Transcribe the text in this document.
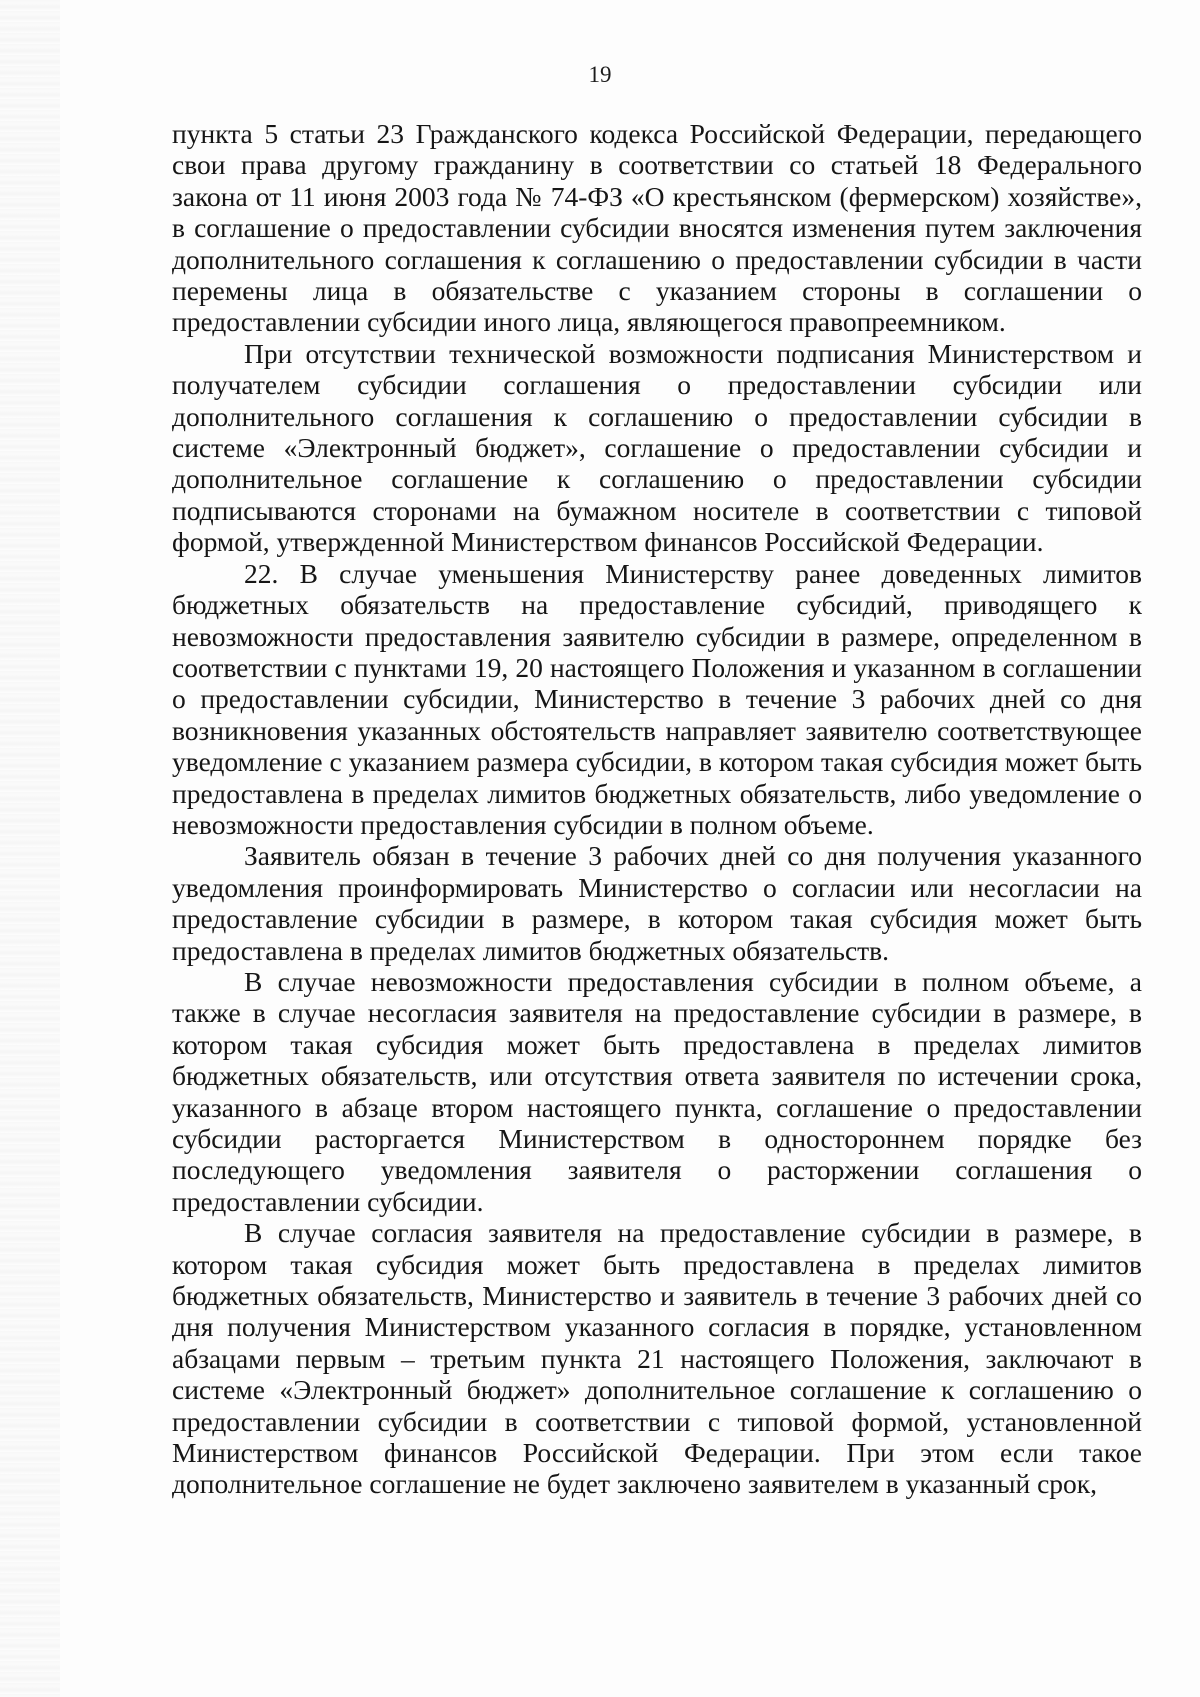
19

пункта 5 статьи 23 Гражданского кодекса Российской Федерации, передающего свои права другому гражданину в соответствии со статьей 18 Федерального закона от 11 июня 2003 года № 74-ФЗ «О крестьянском (фермерском) хозяйстве», в соглашение о предоставлении субсидии вносятся изменения путем заключения дополнительного соглашения к соглашению о предоставлении субсидии в части перемены лица в обязательстве с указанием стороны в соглашении о предоставлении субсидии иного лица, являющегося правопреемником.

При отсутствии технической возможности подписания Министерством и получателем субсидии соглашения о предоставлении субсидии или дополнительного соглашения к соглашению о предоставлении субсидии в системе «Электронный бюджет», соглашение о предоставлении субсидии и дополнительное соглашение к соглашению о предоставлении субсидии подписываются сторонами на бумажном носителе в соответствии с типовой формой, утвержденной Министерством финансов Российской Федерации.

22. В случае уменьшения Министерству ранее доведенных лимитов бюджетных обязательств на предоставление субсидий, приводящего к невозможности предоставления заявителю субсидии в размере, определенном в соответствии с пунктами 19, 20 настоящего Положения и указанном в соглашении о предоставлении субсидии, Министерство в течение 3 рабочих дней со дня возникновения указанных обстоятельств направляет заявителю соответствующее уведомление с указанием размера субсидии, в котором такая субсидия может быть предоставлена в пределах лимитов бюджетных обязательств, либо уведомление о невозможности предоставления субсидии в полном объеме.

Заявитель обязан в течение 3 рабочих дней со дня получения указанного уведомления проинформировать Министерство о согласии или несогласии на предоставление субсидии в размере, в котором такая субсидия может быть предоставлена в пределах лимитов бюджетных обязательств.

В случае невозможности предоставления субсидии в полном объеме, а также в случае несогласия заявителя на предоставление субсидии в размере, в котором такая субсидия может быть предоставлена в пределах лимитов бюджетных обязательств, или отсутствия ответа заявителя по истечении срока, указанного в абзаце втором настоящего пункта, соглашение о предоставлении субсидии расторгается Министерством в одностороннем порядке без последующего уведомления заявителя о расторжении соглашения о предоставлении субсидии.

В случае согласия заявителя на предоставление субсидии в размере, в котором такая субсидия может быть предоставлена в пределах лимитов бюджетных обязательств, Министерство и заявитель в течение 3 рабочих дней со дня получения Министерством указанного согласия в порядке, установленном абзацами первым – третьим пункта 21 настоящего Положения, заключают в системе «Электронный бюджет» дополнительное соглашение к соглашению о предоставлении субсидии в соответствии с типовой формой, установленной Министерством финансов Российской Федерации. При этом если такое дополнительное соглашение не будет заключено заявителем в указанный срок,
